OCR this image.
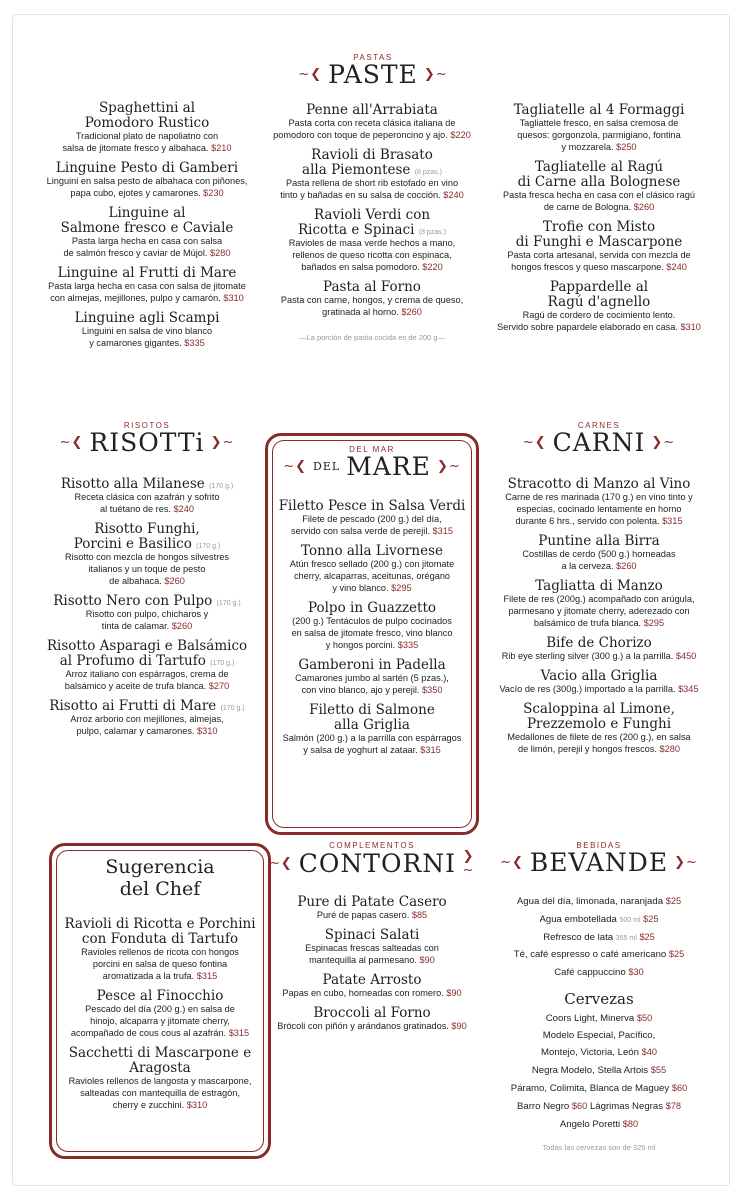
PASTAS
~❮ PASTE ❯~
Spaghettini al
Pomodoro Rustico
Tradicional plato de napoliatno con
salsa de jitomate fresco y albahaca. $210
Linguine Pesto di Gamberi
Linguini en salsa pesto de albahaca con piñones,
papa cubo, ejotes y camarones. $230
Linguine al
Salmone fresco e Caviale
Pasta larga hecha en casa con salsa
de salmón fresco y caviar de Mújol. $280
Linguine al Frutti di Mare
Pasta larga hecha en casa con salsa de jitomate
con almejas, mejillones, pulpo y camarón. $310
Linguine agli Scampi
Linguini en salsa de vino blanco
y camarones gigantes. $335
Penne all'Arrabiata
Pasta corta con receta clásica italiana de
pomodoro con toque de peperoncino y ajo. $220
Ravioli di Brasato
alla Piemontese (8 pzas.)
Pasta rellena de short rib estofado en vino
tinto y bañadas en su salsa de cocción. $240
Ravioli Verdi con
Ricotta e Spinaci (8 pzas.)
Ravioles de masa verde hechos a mano,
rellenos de queso ricotta con espinaca,
bañados en salsa pomodoro. $220
Pasta al Forno
Pasta con carne, hongos, y crema de queso,
gratinada al horno. $260
—La porción de pasta cocida es de 200 g—
Tagliatelle al 4 Formaggi
Tagliattele fresco, en salsa cremosa de
quesos: gorgonzola, parmigiano, fontina
y mozzarela. $250
Tagliatelle al Ragú
di Carne alla Bolognese
Pasta fresca hecha en casa con el clásico ragú
de carne de Bologna. $260
Trofie con Misto
di Funghi e Mascarpone
Pasta corta artesanal, servida con mezcla de
hongos frescos y queso mascarpone. $240
Pappardelle al
Ragú d'agnello
Ragú de cordero de cocimiento lento.
Servido sobre papardele elaborado en casa. $310
RISOTOS
~❮ RISOTTi ❯~
Risotto alla Milanese (170 g.)
Receta clásica con azafrán y sofrito
al tuétano de res. $240
Risotto Funghi,
Porcini e Basilico (170 g.)
Risotto con mezcla de hongos silvestres
italianos y un toque de pesto
de albahaca. $260
Risotto Nero con Pulpo (170 g.)
Risotto con pulpo, chicharos y
tinta de calamar. $260
Risotto Asparagi e Balsámico
al Profumo di Tartufo (170 g.)
Arroz italiano con espárragos, crema de
balsámico y aceite de trufa blanca. $270
Risotto ai Frutti di Mare (170 g.)
Arroz arborio con mejillones, almejas,
pulpo, calamar y camarones. $310
DEL MAR
~❮ DEL MARE ❯~
Filetto Pesce in Salsa Verdi
Filete de pescado (200 g.) del día,
servido con salsa verde de perejil. $315
Tonno alla Livornese
Atún fresco sellado (200 g.) con jitomate
cherry, alcaparras, aceitunas, orégano
y vino blanco. $295
Polpo in Guazzetto
(200 g.) Tentáculos de pulpo cocinados
en salsa de jitomate fresco, vino blanco
y hongos porcini. $335
Gamberoni in Padella
Camarones jumbo al sartén (5 pzas.),
con vino blanco, ajo y perejil. $350
Filetto di Salmone
alla Griglia
Salmón (200 g.) a la parrilla con espárragos
y salsa de yoghurt al zataar. $315
CARNES
~❮ CARNI ❯~
Stracotto di Manzo al Vino
Carne de res marinada (170 g.) en vino tinto y
especias, cocinado lentamente en horno
durante 6 hrs., servido con polenta. $315
Puntine alla Birra
Costillas de cerdo (500 g.) horneadas
a la cerveza. $260
Tagliatta di Manzo
Filete de res (200g.) acompañado con arúgula,
parmesano y jitomate cherry, aderezado con
balsámico de trufa blanca. $295
Bife de Chorizo
Rib eye sterling silver (300 g.) a la parrilla. $450
Vacio alla Griglia
Vacío de res (300g.) importado a la parrilla. $345
Scaloppina al Limone,
Prezzemolo e Funghi
Medallones de filete de res (200 g.), en salsa
de limón, perejil y hongos frescos. $280
Sugerencia
del Chef
Ravioli di Ricotta e Porchini
con Fonduta di Tartufo
Ravioles rellenos de ricota con hongos
porcini en salsa de queso fontina
aromatizada a la trufa. $315
Pesce al Finocchio
Pescado del día (200 g.) en salsa de
hinojo, alcaparra y jitomate cherry,
acompañado de cous cous al azafrán. $315
Sacchetti di Mascarpone e
Aragosta
Ravioles rellenos de langosta y mascarpone,
salteadas con mantequilla de estragón,
cherry e zucchini. $310
COMPLEMENTOS
~❮ CONTORNI ❯~
Pure di Patate Casero
Puré de papas casero. $85
Spinaci Salati
Espinacas frescas salteadas con
mantequilla al parmesano. $90
Patate Arrosto
Papas en cubo, horneadas con romero. $90
Broccoli al Forno
Brócoli con piñón y arándanos gratinados. $90
BEBIDAS
~❮ BEVANDE ❯~
Agua del día, limonada, naranjada $25
Agua embotellada 500 ml $25
Refresco de lata 355 ml $25
Té, café espresso o café americano $25
Café cappuccino $30
Cervezas
Coors Light, Minerva $50
Modelo Especial, Pacífico,
Montejo, Victoria, León $40
Negra Modelo, Stella Artois $55
Páramo, Colimita, Blanca de Maguey $60
Barro Negro $60 Lágrimas Negras $78
Angelo Poretti $80
Todas las cervezas son de 325 ml
